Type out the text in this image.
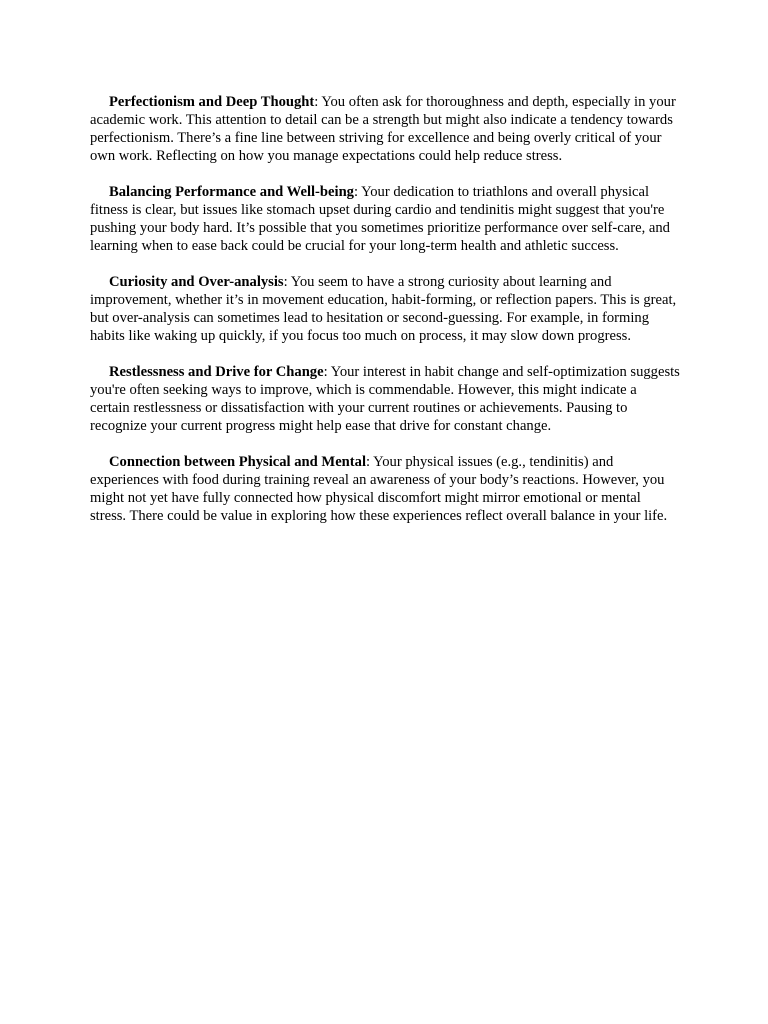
Perfectionism and Deep Thought: You often ask for thoroughness and depth, especially in your academic work. This attention to detail can be a strength but might also indicate a tendency towards perfectionism. There’s a fine line between striving for excellence and being overly critical of your own work. Reflecting on how you manage expectations could help reduce stress.

Balancing Performance and Well-being: Your dedication to triathlons and overall physical fitness is clear, but issues like stomach upset during cardio and tendinitis might suggest that you're pushing your body hard. It’s possible that you sometimes prioritize performance over self-care, and learning when to ease back could be crucial for your long-term health and athletic success.

Curiosity and Over-analysis: You seem to have a strong curiosity about learning and improvement, whether it’s in movement education, habit-forming, or reflection papers. This is great, but over-analysis can sometimes lead to hesitation or second-guessing. For example, in forming habits like waking up quickly, if you focus too much on process, it may slow down progress.

Restlessness and Drive for Change: Your interest in habit change and self-optimization suggests you're often seeking ways to improve, which is commendable. However, this might indicate a certain restlessness or dissatisfaction with your current routines or achievements. Pausing to recognize your current progress might help ease that drive for constant change.

Connection between Physical and Mental: Your physical issues (e.g., tendinitis) and experiences with food during training reveal an awareness of your body’s reactions. However, you might not yet have fully connected how physical discomfort might mirror emotional or mental stress. There could be value in exploring how these experiences reflect overall balance in your life.
